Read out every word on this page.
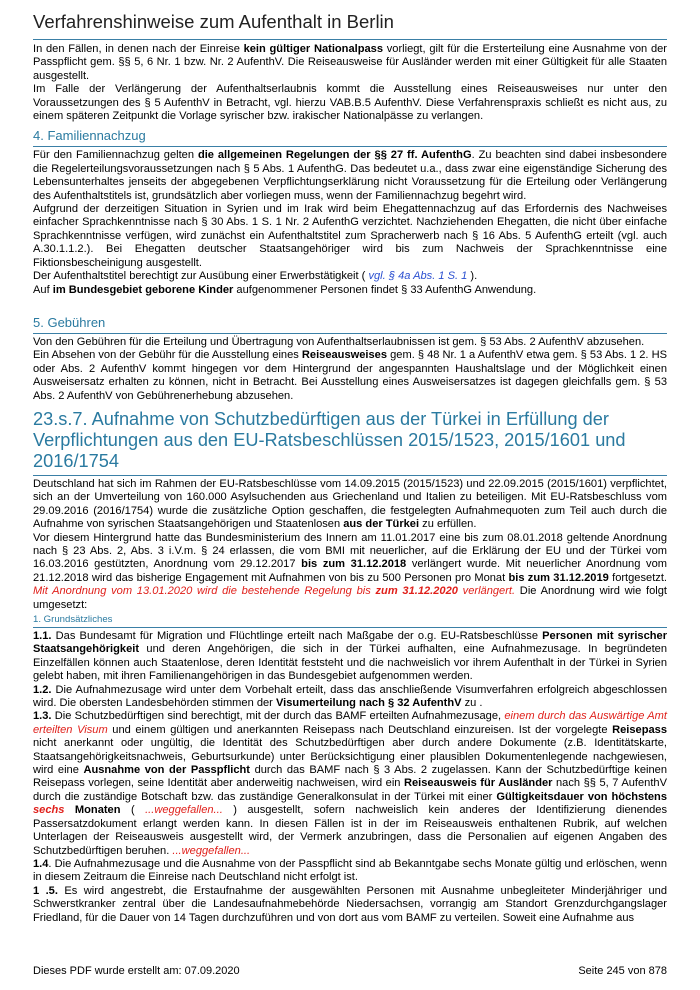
Verfahrenshinweise zum Aufenthalt in Berlin

In den Fällen, in denen nach der Einreise kein gültiger Nationalpass vorliegt, gilt für die Ersterteilung eine Ausnahme von der Passpflicht gem. §§ 5, 6 Nr. 1 bzw. Nr. 2 AufenthV. Die Reiseausweise für Ausländer werden mit einer Gültigkeit für alle Staaten ausgestellt.

Im Falle der Verlängerung der Aufenthaltserlaubnis kommt die Ausstellung eines Reiseausweises nur unter den Voraussetzungen des § 5 AufenthV in Betracht, vgl. hierzu VAB.B.5 AufenthV. Diese Verfahrenspraxis schließt es nicht aus, zu einem späteren Zeitpunkt die Vorlage syrischer bzw. irakischer Nationalpässe zu verlangen.

4. Familiennachzug

Für den Familiennachzug gelten die allgemeinen Regelungen der §§ 27 ff. AufenthG. Zu beachten sind dabei insbesondere die Regelerteilungsvoraussetzungen nach § 5 Abs. 1 AufenthG. Das bedeutet u.a., dass zwar eine eigenständige Sicherung des Lebensunterhaltes jenseits der abgegebenen Verpflichtungserklärung nicht Voraussetzung für die Erteilung oder Verlängerung des Aufenthaltstitels ist, grundsätzlich aber vorliegen muss, wenn der Familiennachzug begehrt wird.

Aufgrund der derzeitigen Situation in Syrien und im Irak wird beim Ehegattennachzug auf das Erfordernis des Nachweises einfacher Sprachkenntnisse nach § 30 Abs. 1 S. 1 Nr. 2 AufenthG verzichtet. Nachziehenden Ehegatten, die nicht über einfache Sprachkenntnisse verfügen, wird zunächst ein Aufenthaltstitel zum Spracherwerb nach § 16 Abs. 5 AufenthG erteilt (vgl. auch A.30.1.1.2.). Bei Ehegatten deutscher Staatsangehöriger wird bis zum Nachweis der Sprachkenntnisse eine Fiktionsbescheinigung ausgestellt.

Der Aufenthaltstitel berechtigt zur Ausübung einer Erwerbstätigkeit ( vgl. § 4a Abs. 1 S. 1 ).

Auf im Bundesgebiet geborene Kinder aufgenommener Personen findet § 33 AufenthG Anwendung.

5. Gebühren

Von den Gebühren für die Erteilung und Übertragung von Aufenthaltserlaubnissen ist gem. § 53 Abs. 2 AufenthV abzusehen.

Ein Absehen von der Gebühr für die Ausstellung eines Reiseausweises gem. § 48 Nr. 1 a AufenthV etwa gem. § 53 Abs. 1 2. HS oder Abs. 2 AufenthV kommt hingegen vor dem Hintergrund der angespannten Haushaltslage und der Möglichkeit einen Ausweisersatz erhalten zu können, nicht in Betracht. Bei Ausstellung eines Ausweisersatzes ist dagegen gleichfalls gem. § 53 Abs. 2 AufenthV von Gebührenerhebung abzusehen.

23.s.7. Aufnahme von Schutzbedürftigen aus der Türkei in Erfüllung der Verpflichtungen aus den EU-Ratsbeschlüssen 2015/1523, 2015/1601 und 2016/1754

Deutschland hat sich im Rahmen der EU-Ratsbeschlüsse vom 14.09.2015 (2015/1523) und 22.09.2015 (2015/1601) verpflichtet, sich an der Umverteilung von 160.000 Asylsuchenden aus Griechenland und Italien zu beteiligen. Mit EU-Ratsbeschluss vom 29.09.2016 (2016/1754) wurde die zusätzliche Option geschaffen, die festgelegten Aufnahmequoten zum Teil auch durch die Aufnahme von syrischen Staatsangehörigen und Staatenlosen aus der Türkei zu erfüllen.

Vor diesem Hintergrund hatte das Bundesministerium des Innern am 11.01.2017 eine bis zum 08.01.2018 geltende Anordnung nach § 23 Abs. 2, Abs. 3 i.V.m. § 24 erlassen, die vom BMI mit neuerlicher, auf die Erklärung der EU und der Türkei vom 16.03.2016 gestützten, Anordnung vom 29.12.2017 bis zum 31.12.2018 verlängert wurde. Mit neuerlicher Anordnung vom 21.12.2018 wird das bisherige Engagement mit Aufnahmen von bis zu 500 Personen pro Monat bis zum 31.12.2019 fortgesetzt. Mit Anordnung vom 13.01.2020 wird die bestehende Regelung bis zum 31.12.2020 verlängert. Die Anordnung wird wie folgt umgesetzt:

1. Grundsätzliches

1.1. Das Bundesamt für Migration und Flüchtlinge erteilt nach Maßgabe der o.g. EU-Ratsbeschlüsse Personen mit syrischer Staatsangehörigkeit und deren Angehörigen, die sich in der Türkei aufhalten, eine Aufnahmezusage. In begründeten Einzelfällen können auch Staatenlose, deren Identität feststeht und die nachweislich vor ihrem Aufenthalt in der Türkei in Syrien gelebt haben, mit ihren Familienangehörigen in das Bundesgebiet aufgenommen werden.

1.2. Die Aufnahmezusage wird unter dem Vorbehalt erteilt, dass das anschließende Visumverfahren erfolgreich abgeschlossen wird. Die obersten Landesbehörden stimmen der Visumerteilung nach § 32 AufenthV zu .

1.3. Die Schutzbedürftigen sind berechtigt, mit der durch das BAMF erteilten Aufnahmezusage, einem durch das Auswärtige Amt erteilten Visum und einem gültigen und anerkannten Reisepass nach Deutschland einzureisen. Ist der vorgelegte Reisepass nicht anerkannt oder ungültig, die Identität des Schutzbedürftigen aber durch andere Dokumente (z.B. Identitätskarte, Staatsangehörigkeitsnachweis, Geburtsurkunde) unter Berücksichtigung einer plausiblen Dokumentenlegende nachgewiesen, wird eine Ausnahme von der Passpflicht durch das BAMF nach § 3 Abs. 2 zugelassen. Kann der Schutzbedürftige keinen Reisepass vorlegen, seine Identität aber anderweitig nachweisen, wird ein Reiseausweis für Ausländer nach §§ 5, 7 AufenthV durch die zuständige Botschaft bzw. das zuständige Generalkonsulat in der Türkei mit einer Gültigkeitsdauer von höchstens sechs Monaten ( ...weggefallen... ) ausgestellt, sofern nachweislich kein anderes der Identifizierung dienendes Passersatzdokument erlangt werden kann. In diesen Fällen ist in der im Reiseausweis enthaltenen Rubrik, auf welchen Unterlagen der Reiseausweis ausgestellt wird, der Vermerk anzubringen, dass die Personalien auf eigenen Angaben des Schutzbedürftigen beruhen. ...weggefallen...

1.4. Die Aufnahmezusage und die Ausnahme von der Passpflicht sind ab Bekanntgabe sechs Monate gültig und erlöschen, wenn in diesem Zeitraum die Einreise nach Deutschland nicht erfolgt ist.

1 .5. Es wird angestrebt, die Erstaufnahme der ausgewählten Personen mit Ausnahme unbegleiteter Minderjähriger und Schwerstkranker zentral über die Landesaufnahmebehörde Niedersachsen, vorrangig am Standort Grenzdurchgangslager Friedland, für die Dauer von 14 Tagen durchzuführen und von dort aus vom BAMF zu verteilen. Soweit eine Aufnahme aus

Dieses PDF wurde erstellt am: 07.09.2020	Seite 245 von 878
